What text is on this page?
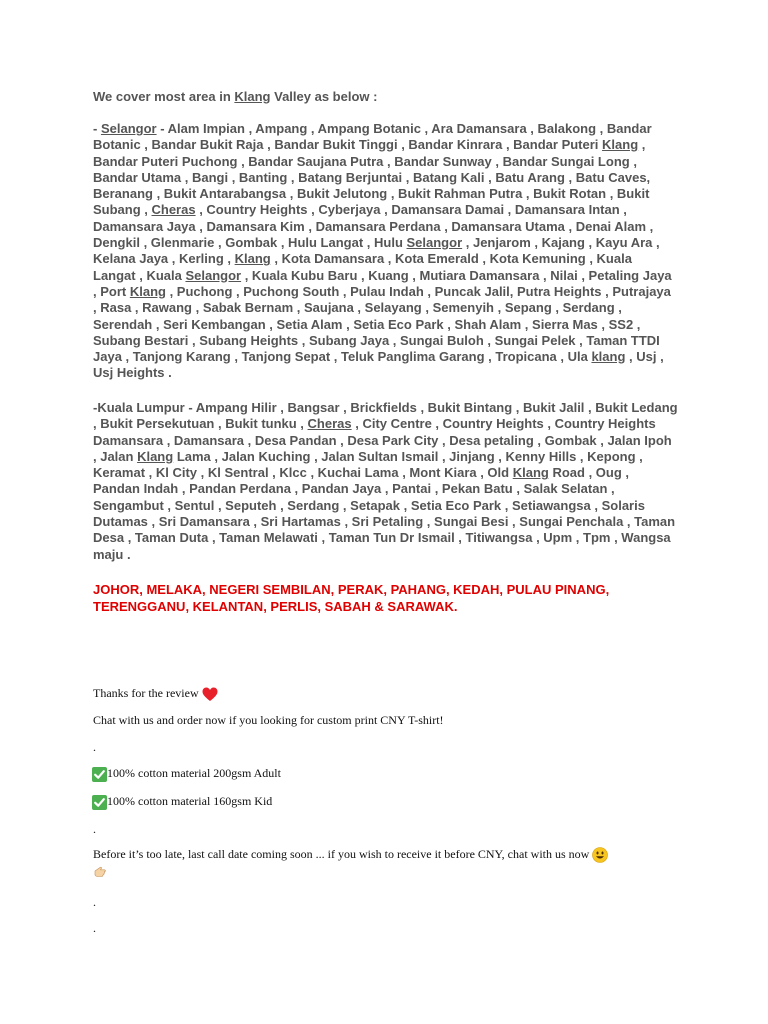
We cover most area in Klang Valley as below :

- Selangor - Alam Impian , Ampang , Ampang Botanic , Ara Damansara , Balakong , Bandar Botanic , Bandar Bukit Raja , Bandar Bukit Tinggi , Bandar Kinrara , Bandar Puteri Klang , Bandar Puteri Puchong , Bandar Saujana Putra , Bandar Sunway , Bandar Sungai Long , Bandar Utama , Bangi , Banting , Batang Berjuntai , Batang Kali , Batu Arang , Batu Caves, Beranang , Bukit Antarabangsa , Bukit Jelutong , Bukit Rahman Putra , Bukit Rotan , Bukit Subang , Cheras , Country Heights , Cyberjaya , Damansara Damai , Damansara Intan , Damansara Jaya , Damansara Kim , Damansara Perdana , Damansara Utama , Denai Alam , Dengkil , Glenmarie , Gombak , Hulu Langat , Hulu Selangor , Jenjarom , Kajang , Kayu Ara , Kelana Jaya , Kerling , Klang , Kota Damansara , Kota Emerald , Kota Kemuning , Kuala Langat , Kuala Selangor , Kuala Kubu Baru , Kuang , Mutiara Damansara , Nilai , Petaling Jaya , Port Klang , Puchong , Puchong South , Pulau Indah , Puncak Jalil, Putra Heights , Putrajaya , Rasa , Rawang , Sabak Bernam , Saujana , Selayang , Semenyih , Sepang , Serdang , Serendah , Seri Kembangan , Setia Alam , Setia Eco Park , Shah Alam , Sierra Mas , SS2 , Subang Bestari , Subang Heights , Subang Jaya , Sungai Buloh , Sungai Pelek , Taman TTDI Jaya , Tanjong Karang , Tanjong Sepat , Teluk Panglima Garang , Tropicana , Ula klang , Usj , Usj Heights .

-Kuala Lumpur - Ampang Hilir , Bangsar , Brickfields , Bukit Bintang , Bukit Jalil , Bukit Ledang , Bukit Persekutuan , Bukit tunku , Cheras , City Centre , Country Heights , Country Heights Damansara , Damansara , Desa Pandan , Desa Park City , Desa petaling , Gombak , Jalan Ipoh , Jalan Klang Lama , Jalan Kuching , Jalan Sultan Ismail , Jinjang , Kenny Hills , Kepong , Keramat , Kl City , Kl Sentral , Klcc , Kuchai Lama , Mont Kiara , Old Klang Road , Oug , Pandan Indah , Pandan Perdana , Pandan Jaya , Pantai , Pekan Batu , Salak Selatan , Sengambut , Sentul , Seputeh , Serdang , Setapak , Setia Eco Park , Setiawangsa , Solaris Dutamas , Sri Damansara , Sri Hartamas , Sri Petaling , Sungai Besi , Sungai Penchala , Taman Desa , Taman Duta , Taman Melawati , Taman Tun Dr Ismail , Titiwangsa , Upm , Tpm , Wangsa maju .

JOHOR, MELAKA, NEGERI SEMBILAN, PERAK, PAHANG, KEDAH, PULAU PINANG, TERENGGANU, KELANTAN, PERLIS, SABAH & SARAWAK.
Thanks for the review
Chat with us and order now if you looking for custom print CNY T-shirt!
.
100% cotton material 200gsm Adult
100% cotton material 160gsm Kid
.
Before it’s too late, last call date coming soon ... if you wish to receive it before CNY, chat with us now
.
.
